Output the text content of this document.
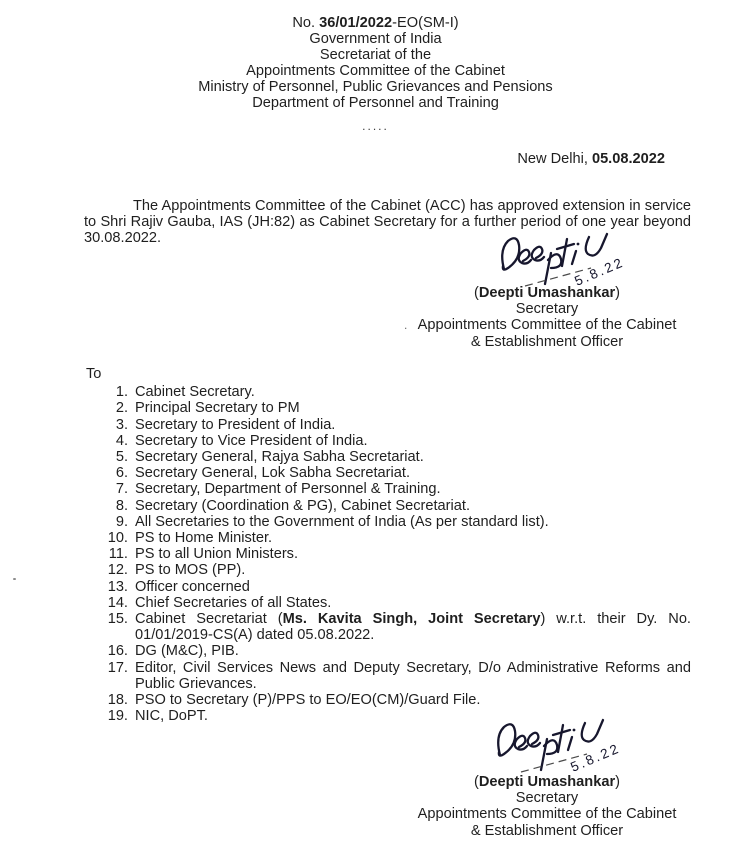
No. 36/01/2022-EO(SM-I)
Government of India
Secretariat of the
Appointments Committee of the Cabinet
Ministry of Personnel, Public Grievances and Pensions
Department of Personnel and Training
.....
New Delhi, 05.08.2022

The Appointments Committee of the Cabinet (ACC) has approved extension in service to Shri Rajiv Gauba, IAS (JH:82) as Cabinet Secretary for a further period of one year beyond 30.08.2022.

5.8.22
(Deepti Umashankar)
Secretary
. Appointments Committee of the Cabinet
& Establishment Officer
To
1. Cabinet Secretary.
2. Principal Secretary to PM
3. Secretary to President of India.
4. Secretary to Vice President of India.
5. Secretary General, Rajya Sabha Secretariat.
6. Secretary General, Lok Sabha Secretariat.
7. Secretary, Department of Personnel & Training.
8. Secretary (Coordination & PG), Cabinet Secretariat.
9. All Secretaries to the Government of India (As per standard list).
10. PS to Home Minister.
11. PS to all Union Ministers.
12. PS to MOS (PP).
13. Officer concerned
14. Chief Secretaries of all States.
15. Cabinet Secretariat (Ms. Kavita Singh, Joint Secretary) w.r.t. their Dy. No. 01/01/2019-CS(A) dated 05.08.2022.
16. DG (M&C), PIB.
17. Editor, Civil Services News and Deputy Secretary, D/o Administrative Reforms and Public Grievances.
18. PSO to Secretary (P)/PPS to EO/EO(CM)/Guard File.
19. NIC, DoPT.
5.8.22
(Deepti Umashankar)
Secretary
Appointments Committee of the Cabinet
& Establishment Officer
